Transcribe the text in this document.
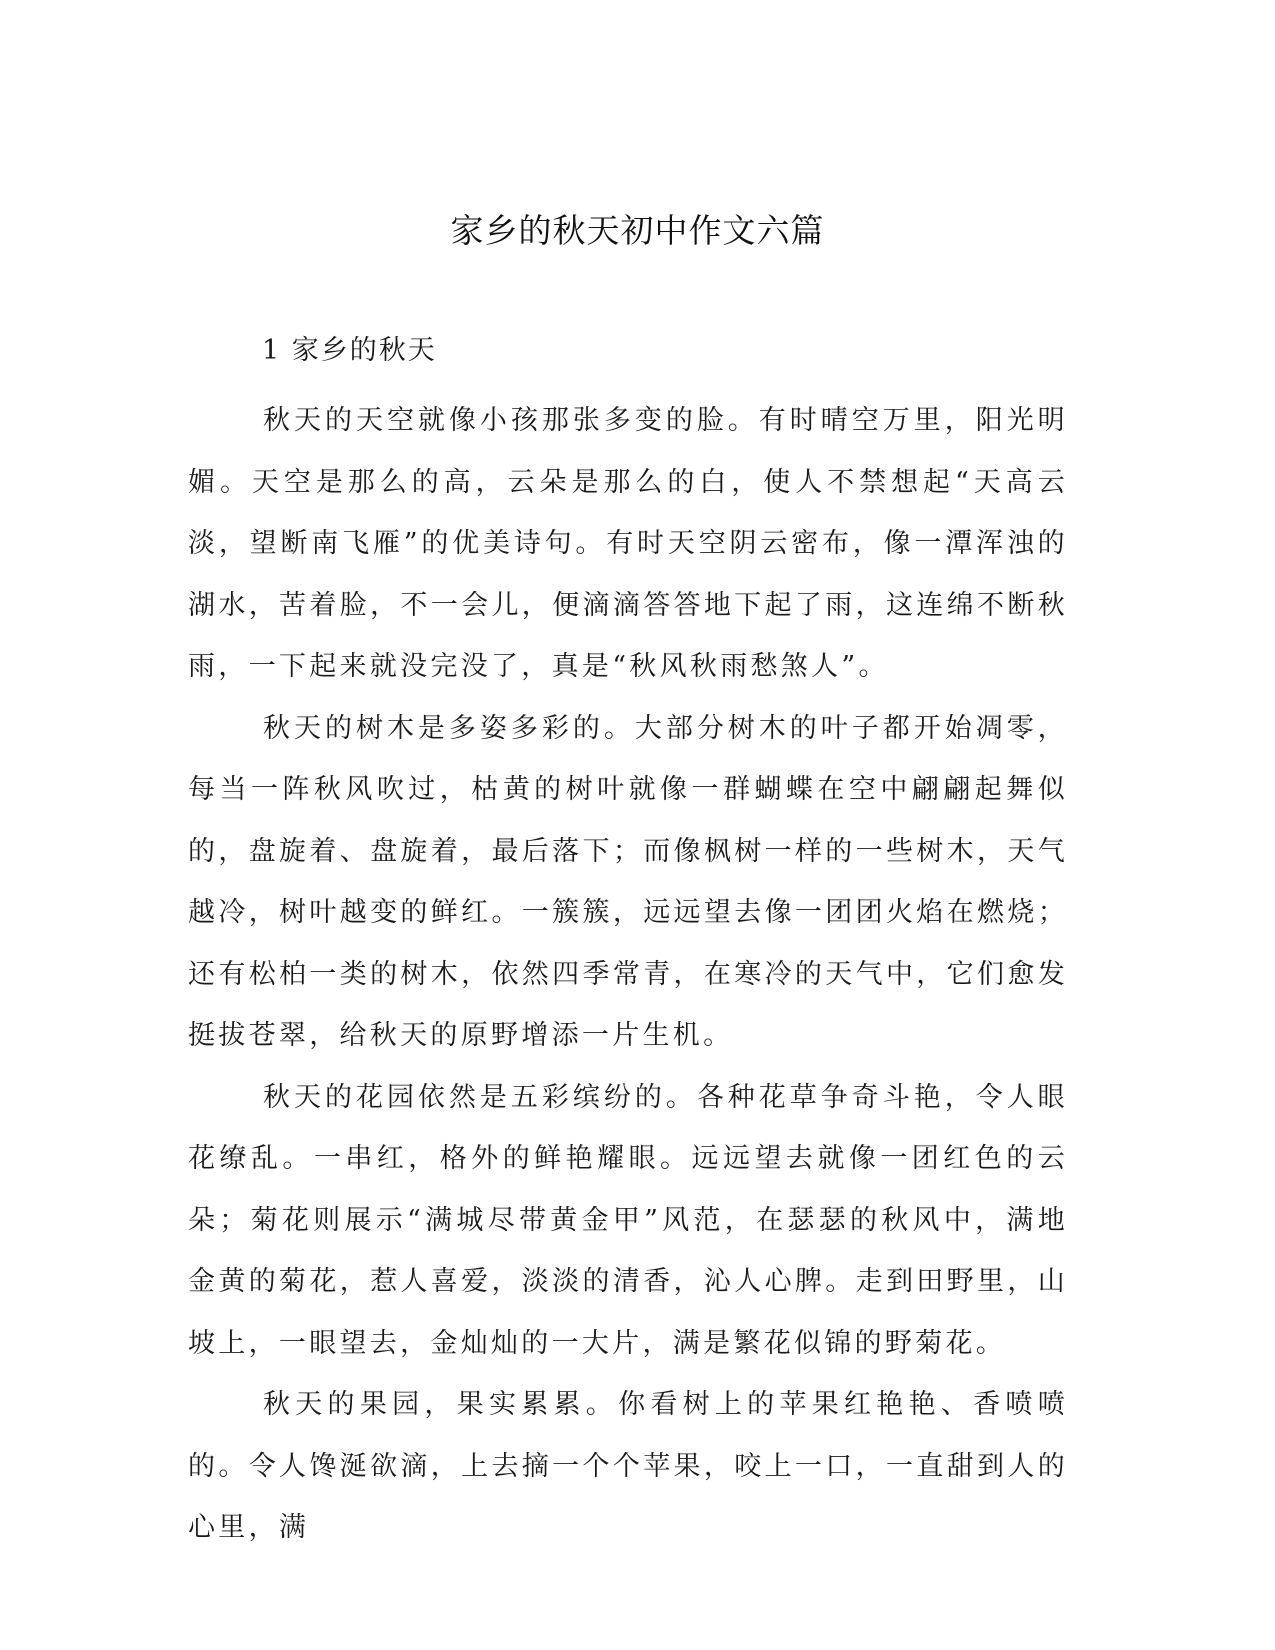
家乡的秋天初中作文六篇
1 家乡的秋天

秋天的天空就像小孩那张多变的脸。有时晴空万里，阳光明媚。天空是那么的高，云朵是那么的白，使人不禁想起“天高云淡，望断南飞雁”的优美诗句。有时天空阴云密布，像一潭浑浊的湖水，苦着脸，不一会儿，便滴滴答答地下起了雨，这连绵不断秋雨，一下起来就没完没了，真是“秋风秋雨愁煞人”。

秋天的树木是多姿多彩的。大部分树木的叶子都开始凋零，每当一阵秋风吹过，枯黄的树叶就像一群蝴蝶在空中翩翩起舞似的，盘旋着、盘旋着，最后落下；而像枫树一样的一些树木，天气越冷，树叶越变的鲜红。一簇簇，远远望去像一团团火焰在燃烧；还有松柏一类的树木，依然四季常青，在寒冷的天气中，它们愈发挺拔苍翠，给秋天的原野增添一片生机。

秋天的花园依然是五彩缤纷的。各种花草争奇斗艳，令人眼花缭乱。一串红，格外的鲜艳耀眼。远远望去就像一团红色的云朵；菊花则展示“满城尽带黄金甲”风范，在瑟瑟的秋风中，满地金黄的菊花，惹人喜爱，淡淡的清香，沁人心脾。走到田野里，山坡上，一眼望去，金灿灿的一大片，满是繁花似锦的野菊花。

秋天的果园，果实累累。你看树上的苹果红艳艳、香喷喷的。令人馋涎欲滴，上去摘一个个苹果，咬上一口，一直甜到人的心里，满
